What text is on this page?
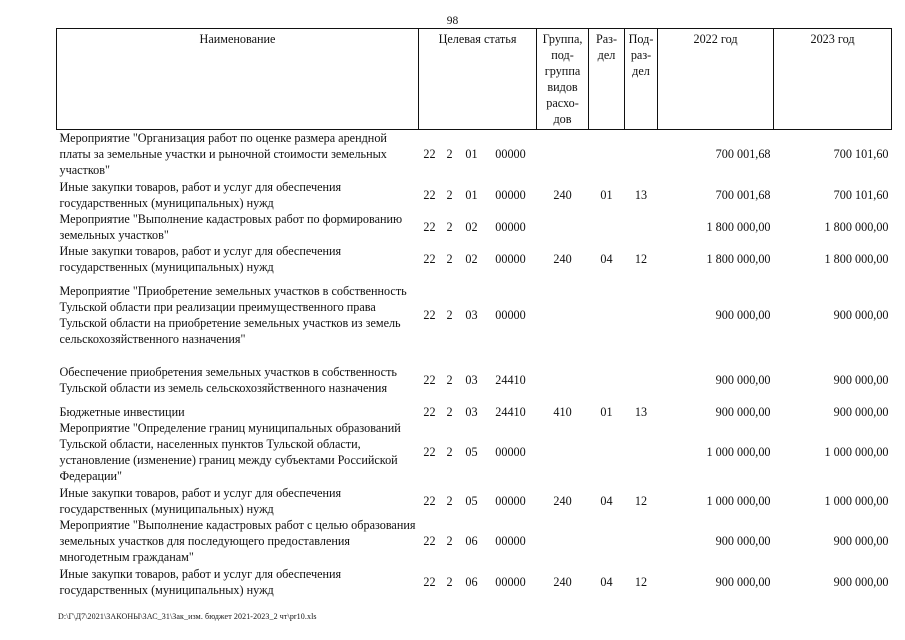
98
Наименование	Целевая статья				Группа, под-группа видов расхо-дов	Раз-дел	Под-раз-дел	2022 год	2023 год
Мероприятие "Организация работ по оценке размера арендной платы за земельные участки и рыночной стоимости земельных участков"	22	2	01	00000				700 001,68	700 101,60
Иные закупки товаров, работ и услуг для обеспечения государственных (муниципальных) нужд	22	2	01	00000	240	01	13	700 001,68	700 101,60
Мероприятие "Выполнение кадастровых работ по формированию земельных участков"	22	2	02	00000				1 800 000,00	1 800 000,00
Иные закупки товаров, работ и услуг для обеспечения государственных (муниципальных) нужд	22	2	02	00000	240	04	12	1 800 000,00	1 800 000,00
Мероприятие "Приобретение земельных участков в собственность Тульской области при реализации преимущественного права Тульской области на приобретение земельных участков из земель сельскохозяйственного назначения"	22	2	03	00000				900 000,00	900 000,00
Обеспечение приобретения земельных участков в собственность Тульской области из земель сельскохозяйственного назначения	22	2	03	24410				900 000,00	900 000,00
Бюджетные инвестиции	22	2	03	24410	410	01	13	900 000,00	900 000,00
Мероприятие "Определение границ муниципальных образований Тульской области, населенных пунктов Тульской области, установление (изменение) границ между субъектами Российской Федерации"	22	2	05	00000				1 000 000,00	1 000 000,00
Иные закупки товаров, работ и услуг для обеспечения государственных (муниципальных) нужд	22	2	05	00000	240	04	12	1 000 000,00	1 000 000,00
Мероприятие "Выполнение кадастровых работ с целью образования земельных участков для последующего предоставления многодетным гражданам"	22	2	06	00000				900 000,00	900 000,00
Иные закупки товаров, работ и услуг для обеспечения государственных (муниципальных) нужд	22	2	06	00000	240	04	12	900 000,00	900 000,00
D:\Г\Д7\2021\ЗАКОНЫ\ЗАС_31\Зак_изм. бюджет 2021-2023_2 чт\pr10.xls
